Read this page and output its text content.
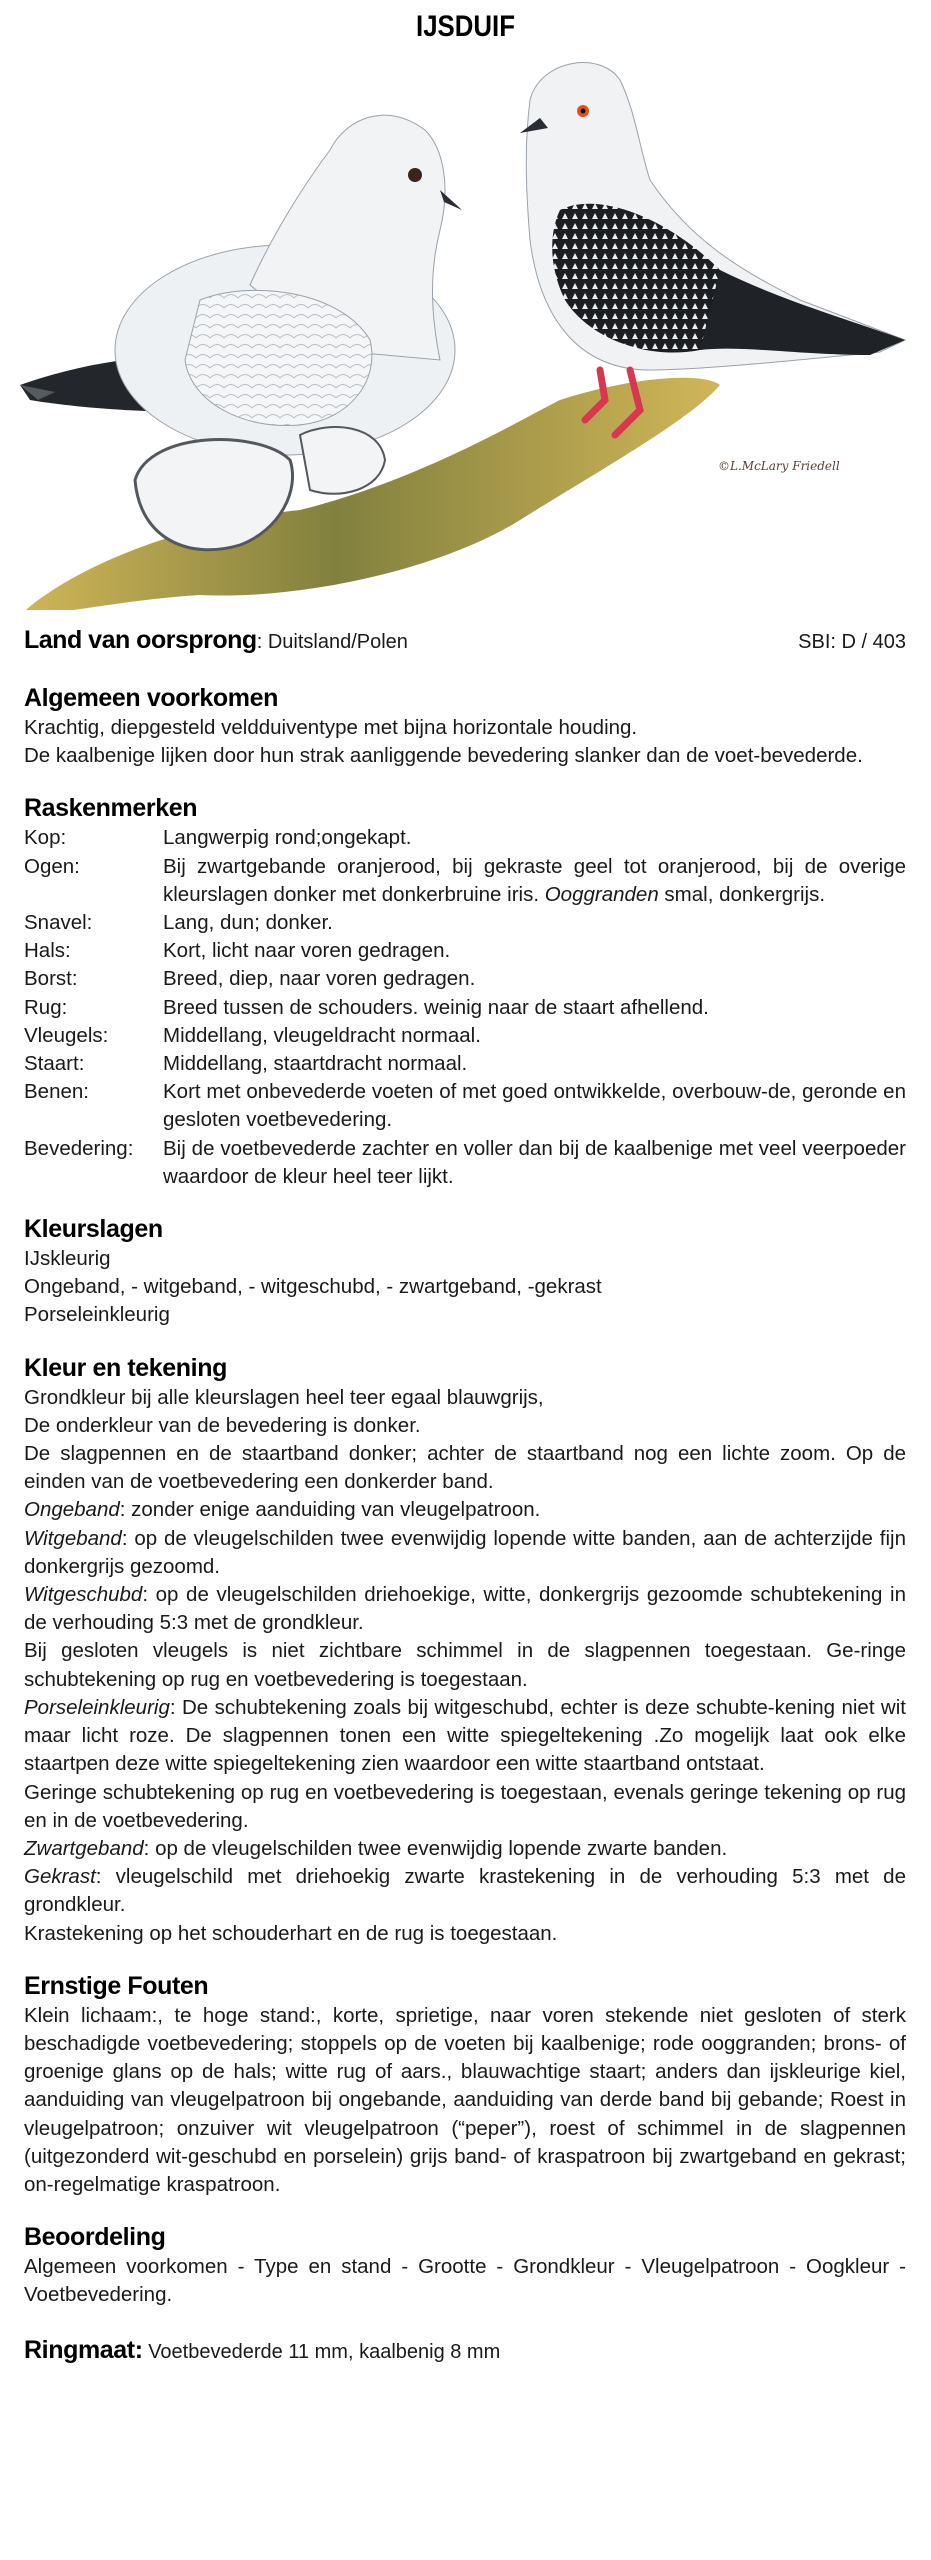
IJSDUIF
©L.McLary Friedell
Land van oorsprong: Duitsland/Polen	SBI: D / 403
Algemeen voorkomen

Krachtig, diepgesteld veldduiventype met bijna horizontale houding.

De kaalbenige lijken door hun strak aanliggende bevedering slanker dan de voet-bevederde.

Raskenmerken
Kop:	Langwerpig rond;ongekapt.
Ogen:	Bij zwartgebande oranjerood, bij gekraste geel tot oranjerood, bij de overige kleurslagen donker met donkerbruine iris. Ooggranden smal, donkergrijs.
Snavel:	Lang, dun; donker.
Hals:	Kort, licht naar voren gedragen.
Borst:	Breed, diep, naar voren gedragen.
Rug:	Breed tussen de schouders. weinig naar de staart afhellend.
Vleugels:	Middellang, vleugeldracht normaal.
Staart:	Middellang, staartdracht normaal.
Benen:	Kort met onbevederde voeten of met goed ontwikkelde, overbouw-de, geronde en gesloten voetbevedering.
Bevedering:	Bij de voetbevederde zachter en voller dan bij de kaalbenige met veel veerpoeder waardoor de kleur heel teer lijkt.
Kleurslagen

IJskleurig

Ongeband, - witgeband, - witgeschubd, - zwartgeband, -gekrast

Porseleinkleurig

Kleur en tekening

Grondkleur bij alle kleurslagen heel teer egaal blauwgrijs,

De onderkleur van de bevedering is donker.

De slagpennen en de staartband donker; achter de staartband nog een lichte zoom. Op de einden van de voetbevedering een donkerder band.

Ongeband: zonder enige aanduiding van vleugelpatroon.

Witgeband: op de vleugelschilden twee evenwijdig lopende witte banden, aan de achterzijde fijn donkergrijs gezoomd.

Witgeschubd: op de vleugelschilden driehoekige, witte, donkergrijs gezoomde schubtekening in de verhouding 5:3 met de grondkleur.

Bij gesloten vleugels is niet zichtbare schimmel in de slagpennen toegestaan. Ge-ringe schubtekening op rug en voetbevedering is toegestaan.

Porseleinkleurig: De schubtekening zoals bij witgeschubd, echter is deze schubte-kening niet wit maar licht roze. De slagpennen tonen een witte spiegeltekening .Zo mogelijk laat ook elke staartpen deze witte spiegeltekening zien waardoor een witte staartband ontstaat.

Geringe schubtekening op rug en voetbevedering is toegestaan, evenals geringe tekening op rug en in de voetbevedering.

Zwartgeband: op de vleugelschilden twee evenwijdig lopende zwarte banden.

Gekrast: vleugelschild met driehoekig zwarte krastekening in de verhouding 5:3 met de grondkleur.

Krastekening op het schouderhart en de rug is toegestaan.

Ernstige Fouten

Klein lichaam:, te hoge stand:, korte, sprietige, naar voren stekende niet gesloten of sterk beschadigde voetbevedering; stoppels op de voeten bij kaalbenige; rode ooggranden; brons- of groenige glans op de hals; witte rug of aars., blauwachtige staart; anders dan ijskleurige kiel, aanduiding van vleugelpatroon bij ongebande, aanduiding van derde band bij gebande; Roest in vleugelpatroon; onzuiver wit vleugelpatroon (“peper”), roest of schimmel in de slagpennen (uitgezonderd wit-geschubd en porselein) grijs band- of kraspatroon bij zwartgeband en gekrast; on-regelmatige kraspatroon.

Beoordeling

Algemeen voorkomen - Type en stand - Grootte - Grondkleur - Vleugelpatroon - Oogkleur - Voetbevedering.

Ringmaat: Voetbevederde 11 mm, kaalbenig 8 mm
